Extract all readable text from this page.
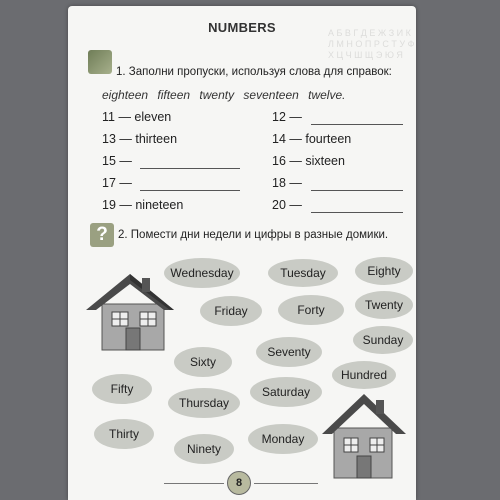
А Б В Г Д Е Ж З И К Л М Н О П Р С Т У Ф Х Ц Ч Ш Щ Э Ю Я
NUMBERS
1. Заполни пропуски, используя слова для справок:
eighteen fifteen twenty seventeen twelve.
11 — eleven	12 —
13 — thirteen	14 — fourteen
15 —	16 — sixteen
17 —	18 —
19 — nineteen	20 —
? 2. Помести дни недели и цифры в разные домики.
Wednesday	Tuesday	Eighty
Friday	Forty	Twenty
Sunday
Seventy
Sixty
Hundred
Fifty
Thursday
Saturday
Thirty	Monday
Ninety
8
